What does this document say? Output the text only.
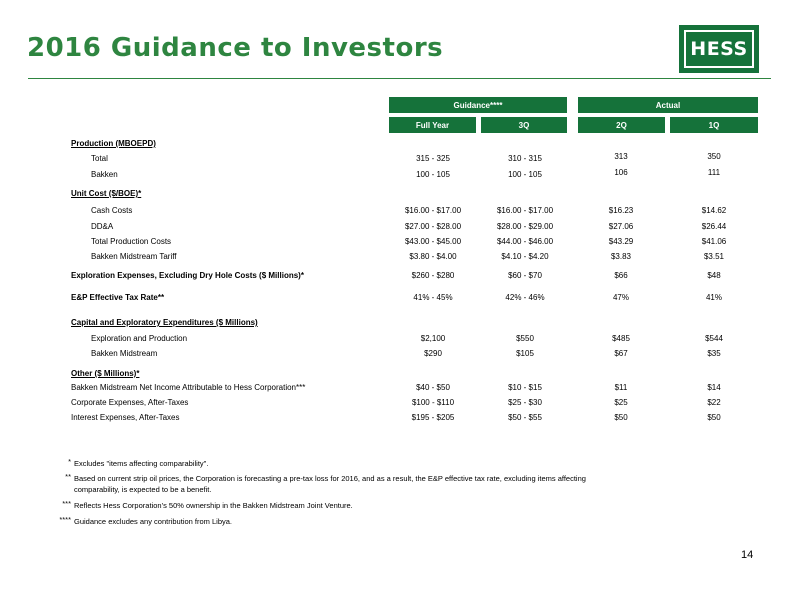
2016 Guidance to Investors	HESS
Guidance****	Actual
Full Year	3Q	2Q	1Q
Production (MBOEPD)
Total	315 - 325	310 - 315	313	350
Bakken	100 - 105	100 - 105	106	111
Unit Cost ($/BOE)*
Cash Costs	$16.00 - $17.00	$16.00 - $17.00	$16.23	$14.62
DD&A	$27.00 - $28.00	$28.00 - $29.00	$27.06	$26.44
Total Production Costs	$43.00 - $45.00	$44.00 - $46.00	$43.29	$41.06
Bakken Midstream Tariff	$3.80 - $4.00	$4.10 - $4.20	$3.83	$3.51
Exploration Expenses, Excluding Dry Hole Costs ($ Millions)*	$260 - $280	$60 - $70	$66	$48
E&P Effective Tax Rate**	41% - 45%	42% - 46%	47%	41%
Capital and Exploratory Expenditures ($ Millions)
Exploration and Production	$2,100	$550	$485	$544
Bakken Midstream	$290	$105	$67	$35
Other ($ Millions)*
Bakken Midstream Net Income Attributable to Hess Corporation***	$40 - $50	$10 - $15	$11	$14
Corporate Expenses, After-Taxes	$100 - $110	$25 - $30	$25	$22
Interest Expenses, After-Taxes	$195 - $205	$50 - $55	$50	$50
* Excludes "items affecting comparability".
** Based on current strip oil prices, the Corporation is forecasting a pre-tax loss for 2016, and as a result, the E&P effective tax rate, excluding items affecting
comparability, is expected to be a benefit.
*** Reflects Hess Corporation’s 50% ownership in the Bakken Midstream Joint Venture.
**** Guidance excludes any contribution from Libya.
14
